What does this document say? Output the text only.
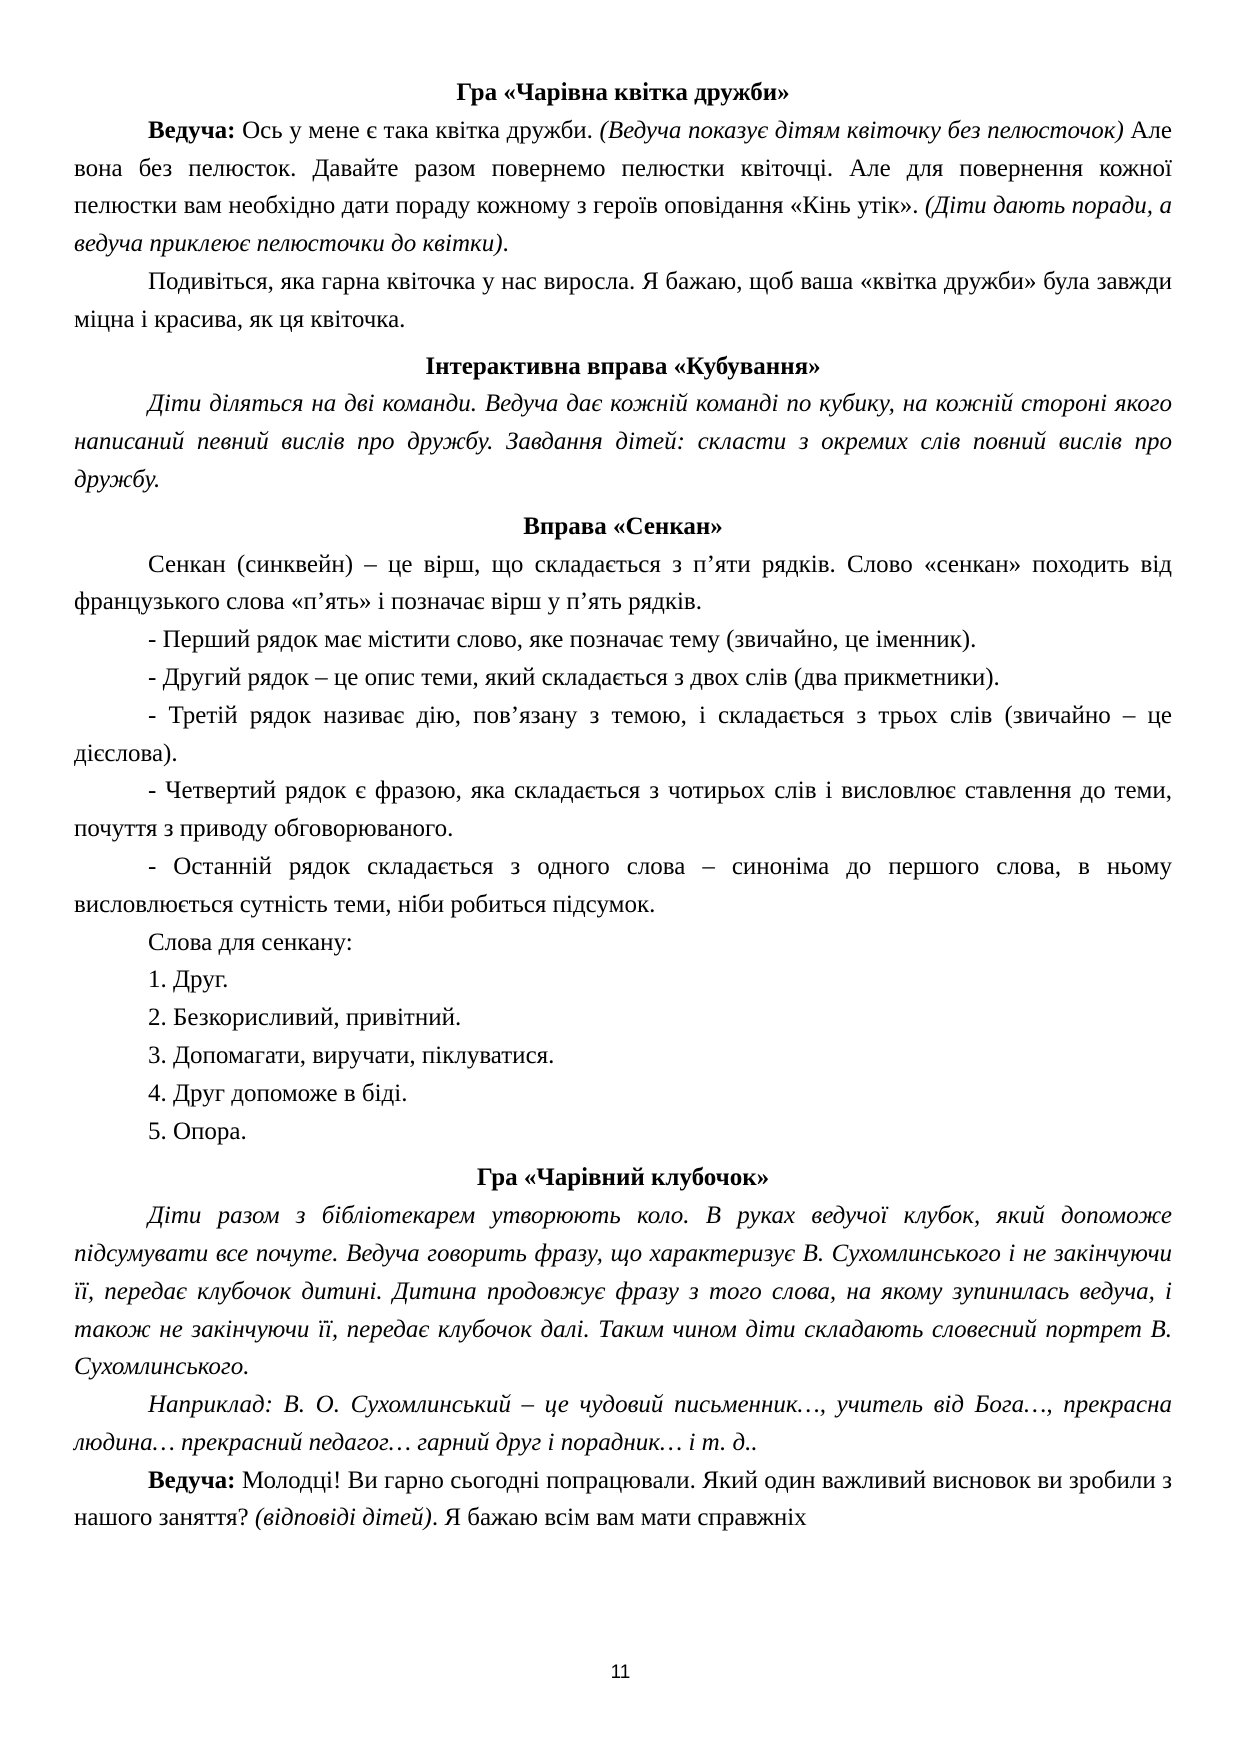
Гра «Чарівна квітка дружби»

Ведуча: Ось у мене є така квітка дружби. (Ведуча показує дітям квіточку без пелюсточок) Але вона без пелюсток. Давайте разом повернемо пелюстки квіточці. Але для повернення кожної пелюстки вам необхідно дати пораду кожному з героїв оповідання «Кінь утік». (Діти дають поради, а ведуча приклеює пелюсточки до квітки).

Подивіться, яка гарна квіточка у нас виросла. Я бажаю, щоб ваша «квітка дружби» була завжди міцна і красива, як ця квіточка.

Інтерактивна вправа «Кубування»

Діти діляться на дві команди. Ведуча дає кожній команді по кубику, на кожній стороні якого написаний певний вислів про дружбу. Завдання дітей: скласти з окремих слів повний вислів про дружбу.

Вправа «Сенкан»

Сенкан (синквейн) – це вірш, що складається з п’яти рядків. Слово «сенкан» походить від французького слова «п’ять» і позначає вірш у п’ять рядків.

- Перший рядок має містити слово, яке позначає тему (звичайно, це іменник).

- Другий рядок – це опис теми, який складається з двох слів (два прикметники).

- Третій рядок називає дію, пов’язану з темою, і складається з трьох слів (звичайно – це дієслова).

- Четвертий рядок є фразою, яка складається з чотирьох слів і висловлює ставлення до теми, почуття з приводу обговорюваного.

- Останній рядок складається з одного слова – синоніма до першого слова, в ньому висловлюється сутність теми, ніби робиться підсумок.

Слова для сенкану:

1. Друг.

2. Безкорисливий, привітний.

3. Допомагати, виручати, піклуватися.

4. Друг допоможе в біді.

5. Опора.

Гра «Чарівний клубочок»

Діти разом з бібліотекарем утворюють коло. В руках ведучої клубок, який допоможе підсумувати все почуте. Ведуча говорить фразу, що характеризує В. Сухомлинського і не закінчуючи її, передає клубочок дитині. Дитина продовжує фразу з того слова, на якому зупинилась ведуча, і також не закінчуючи її, передає клубочок далі. Таким чином діти складають словесний портрет В. Сухомлинського.

Наприклад: В. О. Сухомлинський – це чудовий письменник…, учитель від Бога…, прекрасна людина… прекрасний педагог… гарний друг і порадник… і т. д..

Ведуча: Молодці! Ви гарно сьогодні попрацювали. Який один важливий висновок ви зробили з нашого заняття? (відповіді дітей). Я бажаю всім вам мати справжніх

11
